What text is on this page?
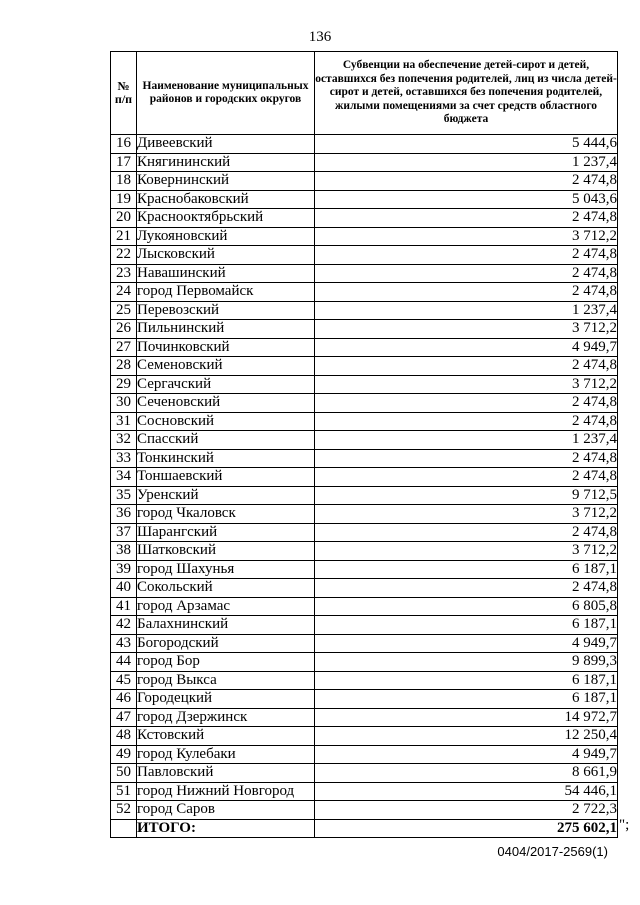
136
№ п/п	Наименование муниципальных районов и городских округов	Субвенции на обеспечение детей-сирот и детей, оставшихся без попечения родителей, лиц из числа детей-сирот и детей, оставшихся без попечения родителей, жилыми помещениями за счет средств областного бюджета
16	Дивеевский	5 444,6
17	Княгининский	1 237,4
18	Ковернинский	2 474,8
19	Краснобаковский	5 043,6
20	Краснооктябрьский	2 474,8
21	Лукояновский	3 712,2
22	Лысковский	2 474,8
23	Навашинский	2 474,8
24	город Первомайск	2 474,8
25	Перевозский	1 237,4
26	Пильнинский	3 712,2
27	Починковский	4 949,7
28	Семеновский	2 474,8
29	Сергачский	3 712,2
30	Сеченовский	2 474,8
31	Сосновский	2 474,8
32	Спасский	1 237,4
33	Тонкинский	2 474,8
34	Тоншаевский	2 474,8
35	Уренский	9 712,5
36	город Чкаловск	3 712,2
37	Шарангский	2 474,8
38	Шатковский	3 712,2
39	город Шахунья	6 187,1
40	Сокольский	2 474,8
41	город Арзамас	6 805,8
42	Балахнинский	6 187,1
43	Богородский	4 949,7
44	город Бор	9 899,3
45	город Выкса	6 187,1
46	Городецкий	6 187,1
47	город Дзержинск	14 972,7
48	Кстовский	12 250,4
49	город Кулебаки	4 949,7
50	Павловский	8 661,9
51	город Нижний Новгород	54 446,1
52	город Саров	2 722,3
	ИТОГО:	275 602,1 ";
0404/2017-2569(1)
